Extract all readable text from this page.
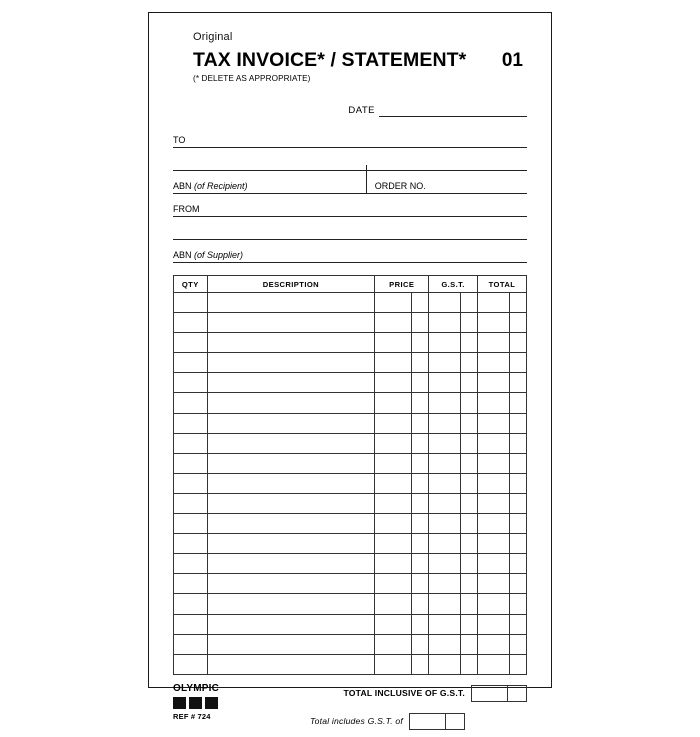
Original
TAX INVOICE* / STATEMENT* 01
(* DELETE AS APPROPRIATE)
DATE
TO
ABN (of Recipient)	ORDER NO.
FROM
ABN (of Supplier)
QTY	DESCRIPTION	PRICE		G.S.T.		TOTAL	

OLYMPIC
REF # 724
TOTAL INCLUSIVE OF G.S.T.
Total includes G.S.T. of
